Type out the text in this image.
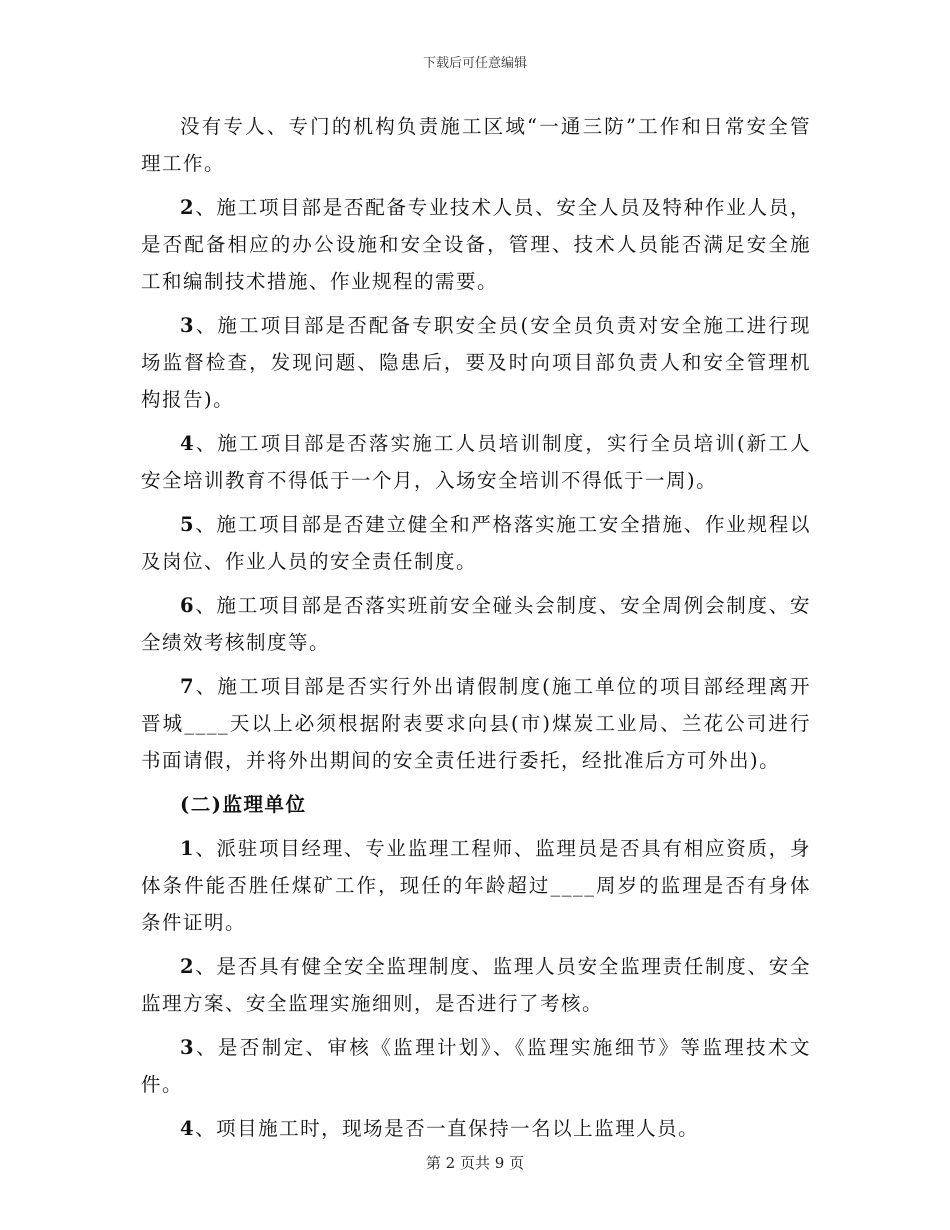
下载后可任意编辑

没有专人、专门的机构负责施工区域“一通三防”工作和日常安全管理工作。

2、施工项目部是否配备专业技术人员、安全人员及特种作业人员，是否配备相应的办公设施和安全设备，管理、技术人员能否满足安全施工和编制技术措施、作业规程的需要。

3、施工项目部是否配备专职安全员(安全员负责对安全施工进行现场监督检查，发现问题、隐患后，要及时向项目部负责人和安全管理机构报告)。

4、施工项目部是否落实施工人员培训制度，实行全员培训(新工人安全培训教育不得低于一个月，入场安全培训不得低于一周)。

5、施工项目部是否建立健全和严格落实施工安全措施、作业规程以及岗位、作业人员的安全责任制度。

6、施工项目部是否落实班前安全碰头会制度、安全周例会制度、安全绩效考核制度等。

7、施工项目部是否实行外出请假制度(施工单位的项目部经理离开晋城____天以上必须根据附表要求向县(市)煤炭工业局、兰花公司进行书面请假，并将外出期间的安全责任进行委托，经批准后方可外出)。

(二)监理单位

1、派驻项目经理、专业监理工程师、监理员是否具有相应资质，身体条件能否胜任煤矿工作，现任的年龄超过____周岁的监理是否有身体条件证明。

2、是否具有健全安全监理制度、监理人员安全监理责任制度、安全监理方案、安全监理实施细则，是否进行了考核。

3、是否制定、审核《监理计划》、《监理实施细节》等监理技术文件。

4、项目施工时，现场是否一直保持一名以上监理人员。

第 2 页共 9 页
